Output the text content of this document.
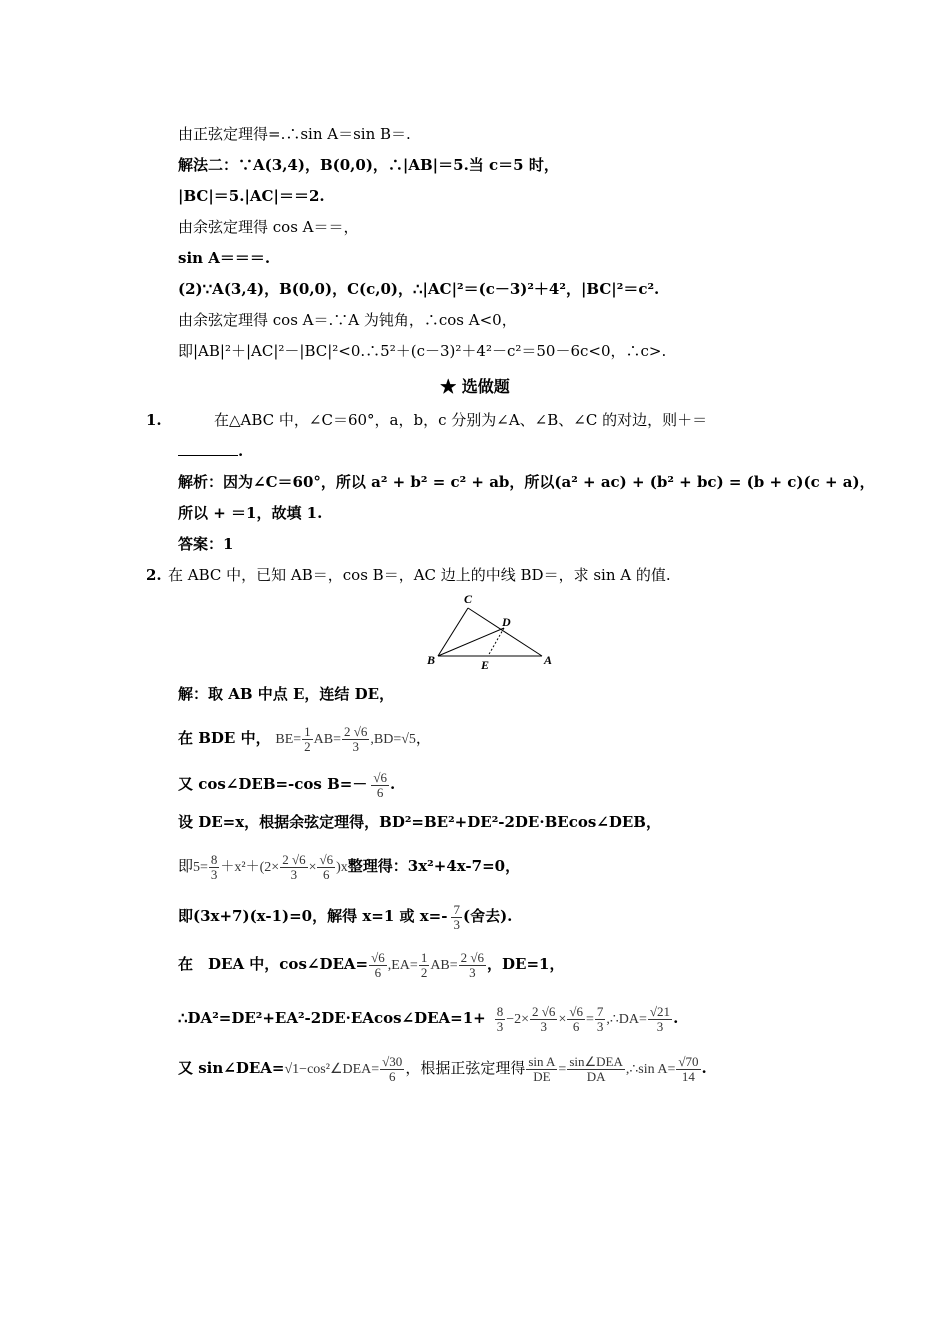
由正弦定理得=.∴sin A＝sin B＝.
解法二：∵A(3,4)，B(0,0)，∴|AB|＝5.当 c＝5 时，
|BC|＝5.|AC|＝＝2.
由余弦定理得 cos A＝＝，
sin A＝＝＝.
(2)∵A(3,4)，B(0,0)，C(c,0)，∴|AC|²＝(c－3)²＋4²，|BC|²＝c².
由余弦定理得 cos A＝.∵A 为钝角，∴cos A<0，
即|AB|²＋|AC|²－|BC|²<0.∴5²＋(c－3)²＋4²－c²＝50－6c<0，∴c>.
★ 选做题
1.	在△ABC 中，∠C＝60°，a，b，c 分别为∠A、∠B、∠C 的对边，则＋＝
.
解析：因为∠C＝60°，所以 a² + b² = c² + ab，所以(a² + ac) + (b² + bc) = (b + c)(c + a)，
所以 + ＝1，故填 1.
答案：1
2. 在 ABC 中，已知 AB＝，cos B＝，AC 边上的中线 BD＝，求 sin A 的值.
C
D
B	E	A
解：取 AB 中点 E，连结 DE，
在 BDE 中， $BE= \frac{1}{2} AB= \frac{2 √6}{3} ,BD=√5$，
又 cos∠DEB=-cos $B=- \frac{√6}{6}$ .
设 DE=x，根据余弦定理得，BD²=BE²+DE²-2DE·BEcos∠DEB，
即$5= \frac{8}{3} +x^2+(2\times \frac{2 √6}{3} \times \frac{√6}{6} )x$整理得：3x²+4x-7=0，
即(3x+7)(x-1)=0，解得 x=1 或 $x=- \frac{7}{3}$ (舍去).
在　DEA 中，cos∠DEA= $\frac{√6}{6} ,EA= \frac{1}{2} AB= \frac{2 √6}{3}$ ，DE=1，
∴DA²=DE²+EA²-2DE·EAcos∠DEA=1+ $\frac{8}{3} -2\times \frac{2 √6}{3} \times \frac{√6}{6} = \frac{7}{3}$ ,∴DA= $\frac{√21}{3}$ .
又 sin∠DEA=√1−cos²∠DEA= $\frac{√30}{6}$ ，根据正弦定理得 $\frac{\text{sin A}}{DE} = \frac{\text{sin∠DEA}}{DA}$ ,∴sin $A= \frac{√70}{14}$ .
